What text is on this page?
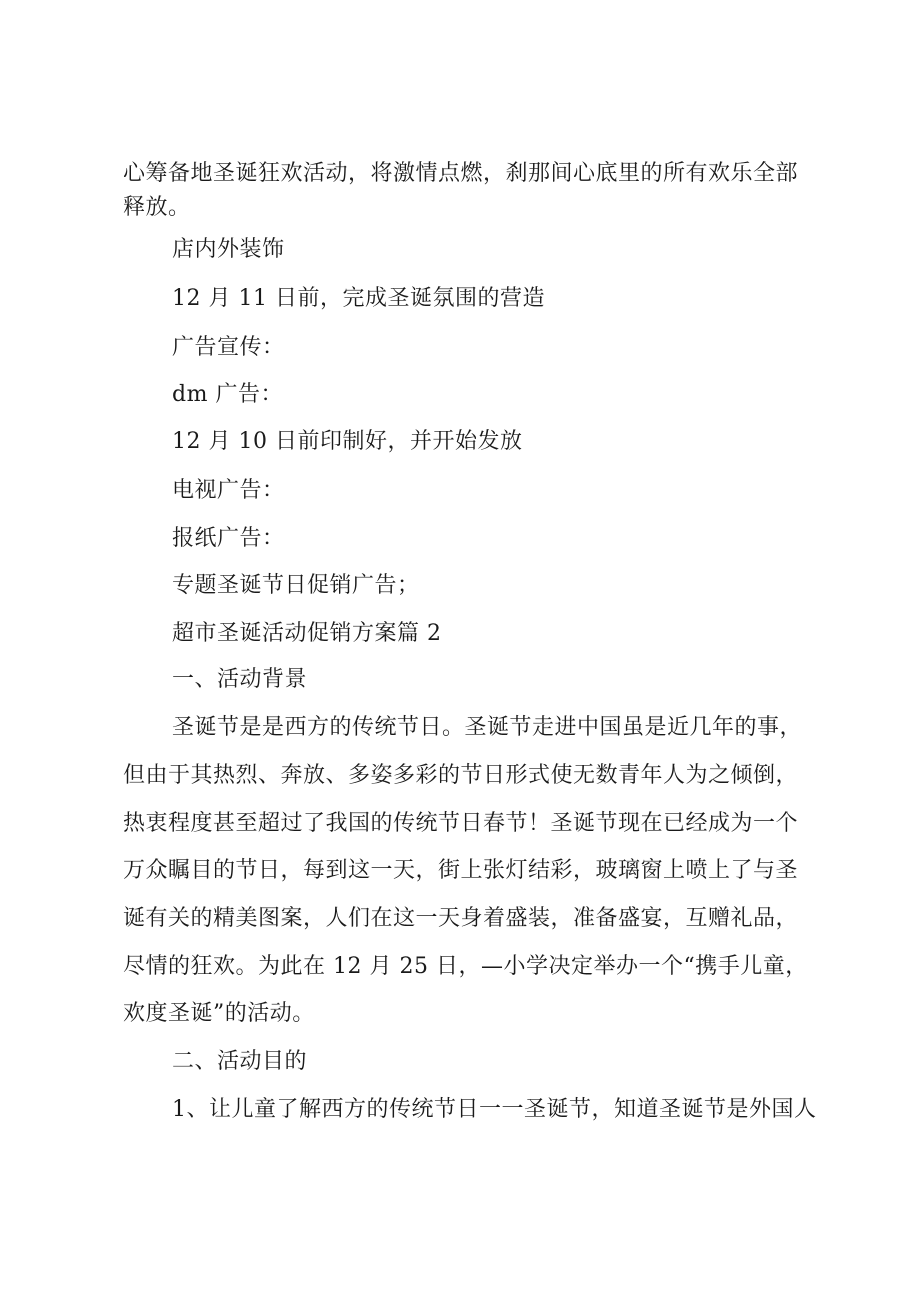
心筹备地圣诞狂欢活动，将激情点燃，刹那间心底里的所有欢乐全部
释放。
店内外装饰
12 月 11 日前，完成圣诞氛围的营造
广告宣传：
dm 广告：
12 月 10 日前印制好，并开始发放
电视广告：
报纸广告：
专题圣诞节日促销广告；
超市圣诞活动促销方案篇 2
一、活动背景
圣诞节是是西方的传统节日。圣诞节走进中国虽是近几年的事，
但由于其热烈、奔放、多姿多彩的节日形式使无数青年人为之倾倒，
热衷程度甚至超过了我国的传统节日春节！圣诞节现在已经成为一个
万众瞩目的节日，每到这一天，街上张灯结彩，玻璃窗上喷上了与圣
诞有关的精美图案，人们在这一天身着盛装，准备盛宴，互赠礼品，
尽情的狂欢。为此在 12 月 25 日，—小学决定举办一个“携手儿童，
欢度圣诞”的活动。
二、活动目的
1、让儿童了解西方的传统节日一一圣诞节，知道圣诞节是外国人
